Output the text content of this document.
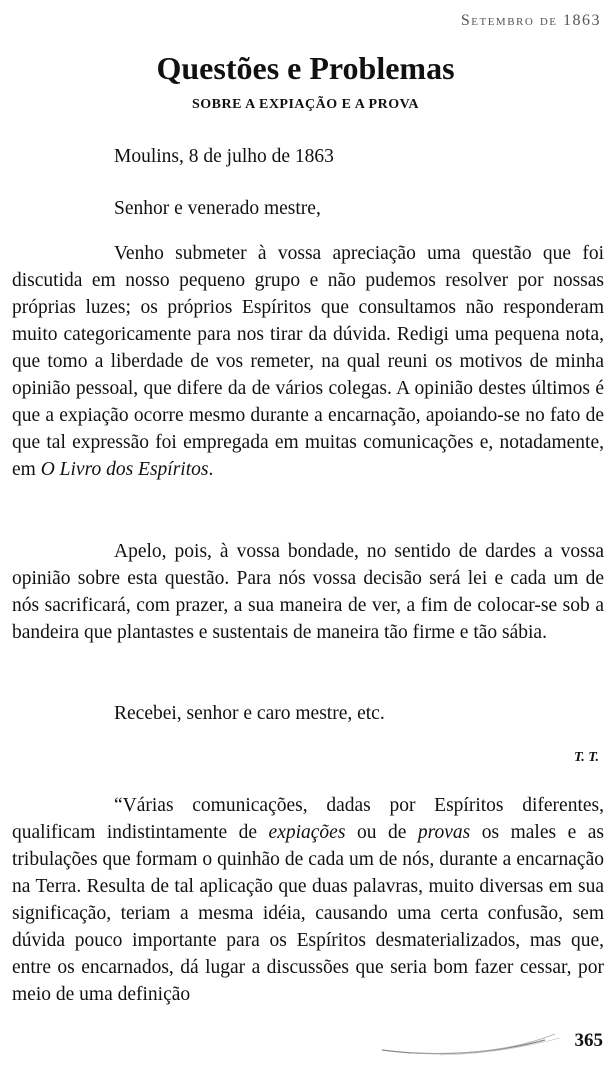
Setembro de 1863
Questões e Problemas
SOBRE A EXPIAÇÃO E A PROVA
Moulins, 8 de julho de 1863
Senhor e venerado mestre,

Venho submeter à vossa apreciação uma questão que foi discutida em nosso pequeno grupo e não pudemos resolver por nossas próprias luzes; os próprios Espíritos que consultamos não responderam muito categoricamente para nos tirar da dúvida. Redigi uma pequena nota, que tomo a liberdade de vos remeter, na qual reuni os motivos de minha opinião pessoal, que difere da de vários colegas. A opinião destes últimos é que a expiação ocorre mesmo durante a encarnação, apoiando-se no fato de que tal expressão foi empregada em muitas comunicações e, notadamente, em O Livro dos Espíritos.

Apelo, pois, à vossa bondade, no sentido de dardes a vossa opinião sobre esta questão. Para nós vossa decisão será lei e cada um de nós sacrificará, com prazer, a sua maneira de ver, a fim de colocar-se sob a bandeira que plantastes e sustentais de maneira tão firme e tão sábia.

Recebei, senhor e caro mestre, etc.
T. T.

“Várias comunicações, dadas por Espíritos diferentes, qualificam indistintamente de expiações ou de provas os males e as tribulações que formam o quinhão de cada um de nós, durante a encarnação na Terra. Resulta de tal aplicação que duas palavras, muito diversas em sua significação, teriam a mesma idéia, causando uma certa confusão, sem dúvida pouco importante para os Espíritos desmaterializados, mas que, entre os encarnados, dá lugar a discussões que seria bom fazer cessar, por meio de uma definição

365
